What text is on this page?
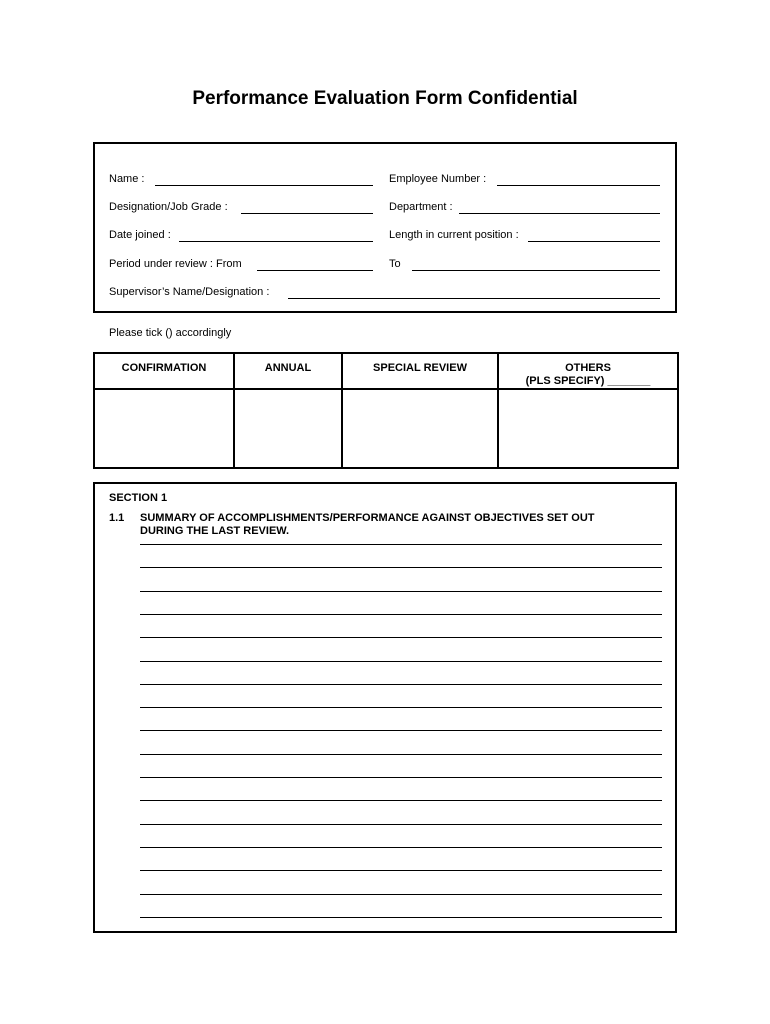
Performance Evaluation Form Confidential
Name :	Employee Number :
Designation/Job Grade :	Department :
Date joined :	Length in current position :
Period under review : From	To
Supervisor’s Name/Designation :
Please tick () accordingly
CONFIRMATION	ANNUAL	SPECIAL REVIEW	OTHERS
(PLS SPECIFY) _______

SECTION 1
1.1 SUMMARY OF ACCOMPLISHMENTS/PERFORMANCE AGAINST OBJECTIVES SET OUT DURING THE LAST REVIEW.
